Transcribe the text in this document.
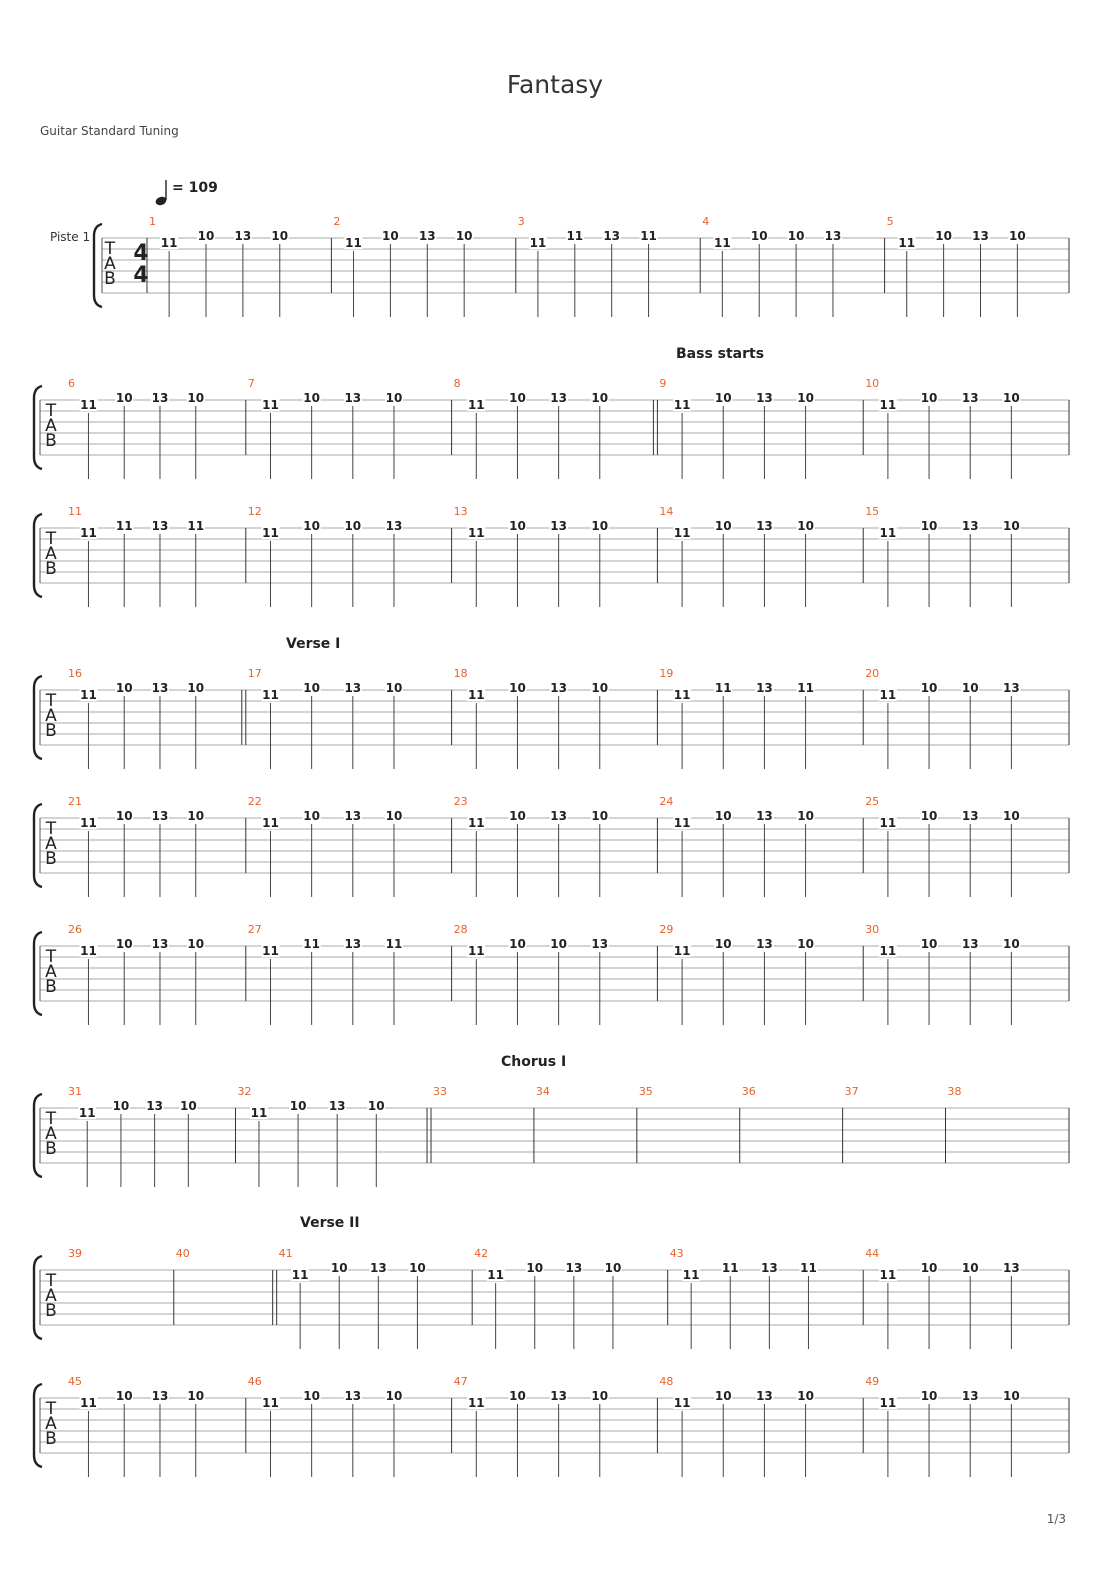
Fantasy
Guitar Standard Tuning
= 109
Piste 1
Bass starts
Verse I
Chorus I
Verse II
T
A
B
4
4
1
11
10 13 10
2
11
10 13 10
3
11
11 13 11
4
11
10 10 13
5
11
10 13 10
T
A
B
6
11
10 13 10
7
11
10 13 10
8
11
10 13 10
9
11
10 13 10
10
11
10 13 10
T
A
B
11
11
11 13 11
12
11
10 10 13
13
11
10 13 10
14
11
10 13 10
15
11
10 13 10
T
A
B
16
11
10 13 10
17
11
10 13 10
18
11
10 13 10
19
11
11 13 11
20
11
10 10 13
T
A
B
21
11
10 13 10
22
11
10 13 10
23
11
10 13 10
24
11
10 13 10
25
11
10 13 10
T
A
B
26
11
10 13 10
27
11
11 13 11
28
11
10 10 13
29
11
10 13 10
30
11
10 13 10
T
A
B
31
11
10 13 10
32
11
10 13 10
33	34	35	36	37	38
T
A
B
39	40	41
11
10 13 10
42
11
10 13 10
43
11
11 13 11
44
11
10 10 13
T
A
B
45
11
10 13 10
46
11
10 13 10
47
11
10 13 10
48
11
10 13 10
49
11
10 13 10
1/3
